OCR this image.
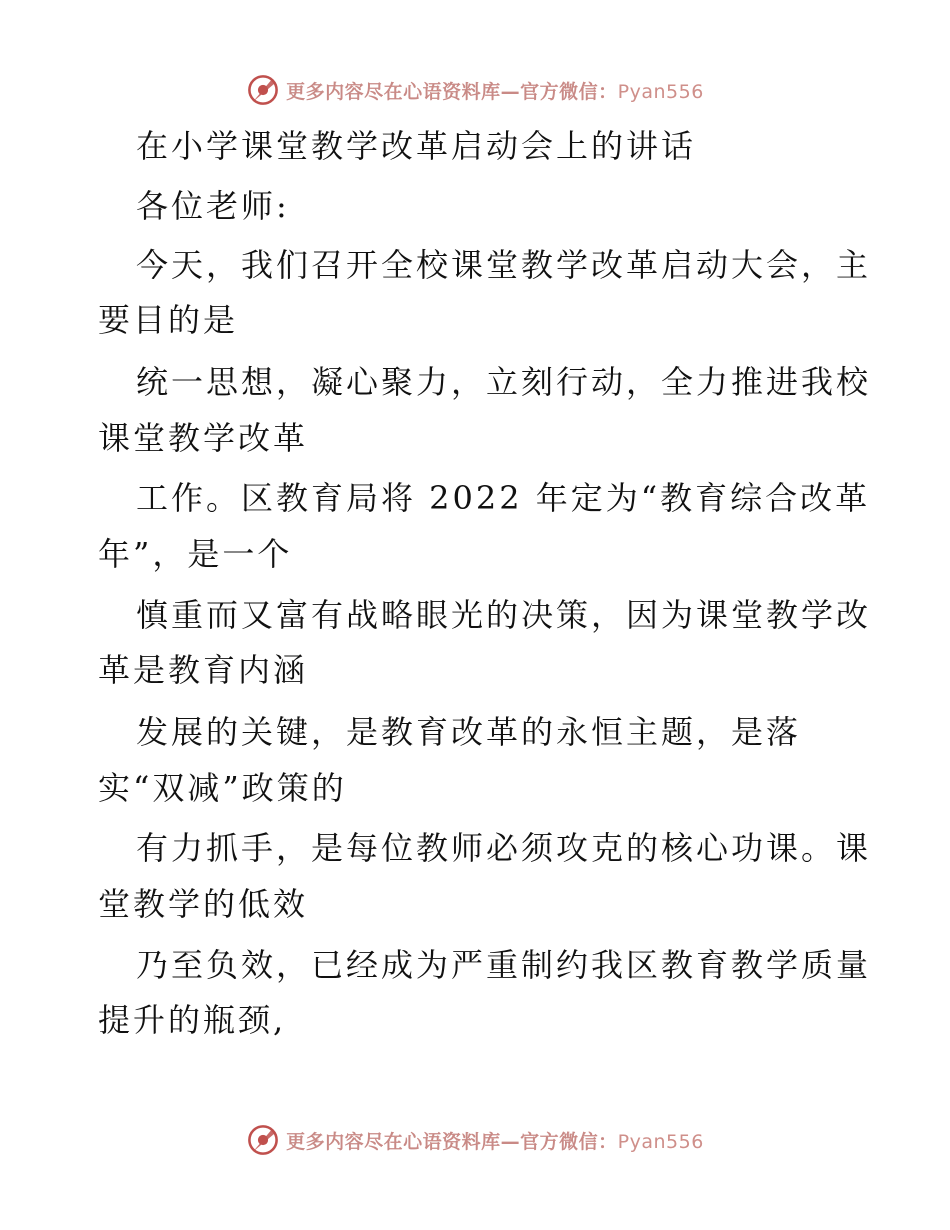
更多内容尽在心语资料库—官方微信：Pyan556
在小学课堂教学改革启动会上的讲话
各位老师:
今天，我们召开全校课堂教学改革启动大会，主
要目的是
统一思想，凝心聚力，立刻行动，全力推进我校
课堂教学改革
工作。区教育局将 2022 年定为“教育综合改革
年”，是一个
慎重而又富有战略眼光的决策，因为课堂教学改
革是教育内涵
发展的关键，是教育改革的永恒主题，是落
实“双减”政策的
有力抓手，是每位教师必须攻克的核心功课。课
堂教学的低效
乃至负效，已经成为严重制约我区教育教学质量
提升的瓶颈,
更多内容尽在心语资料库—官方微信：Pyan556
